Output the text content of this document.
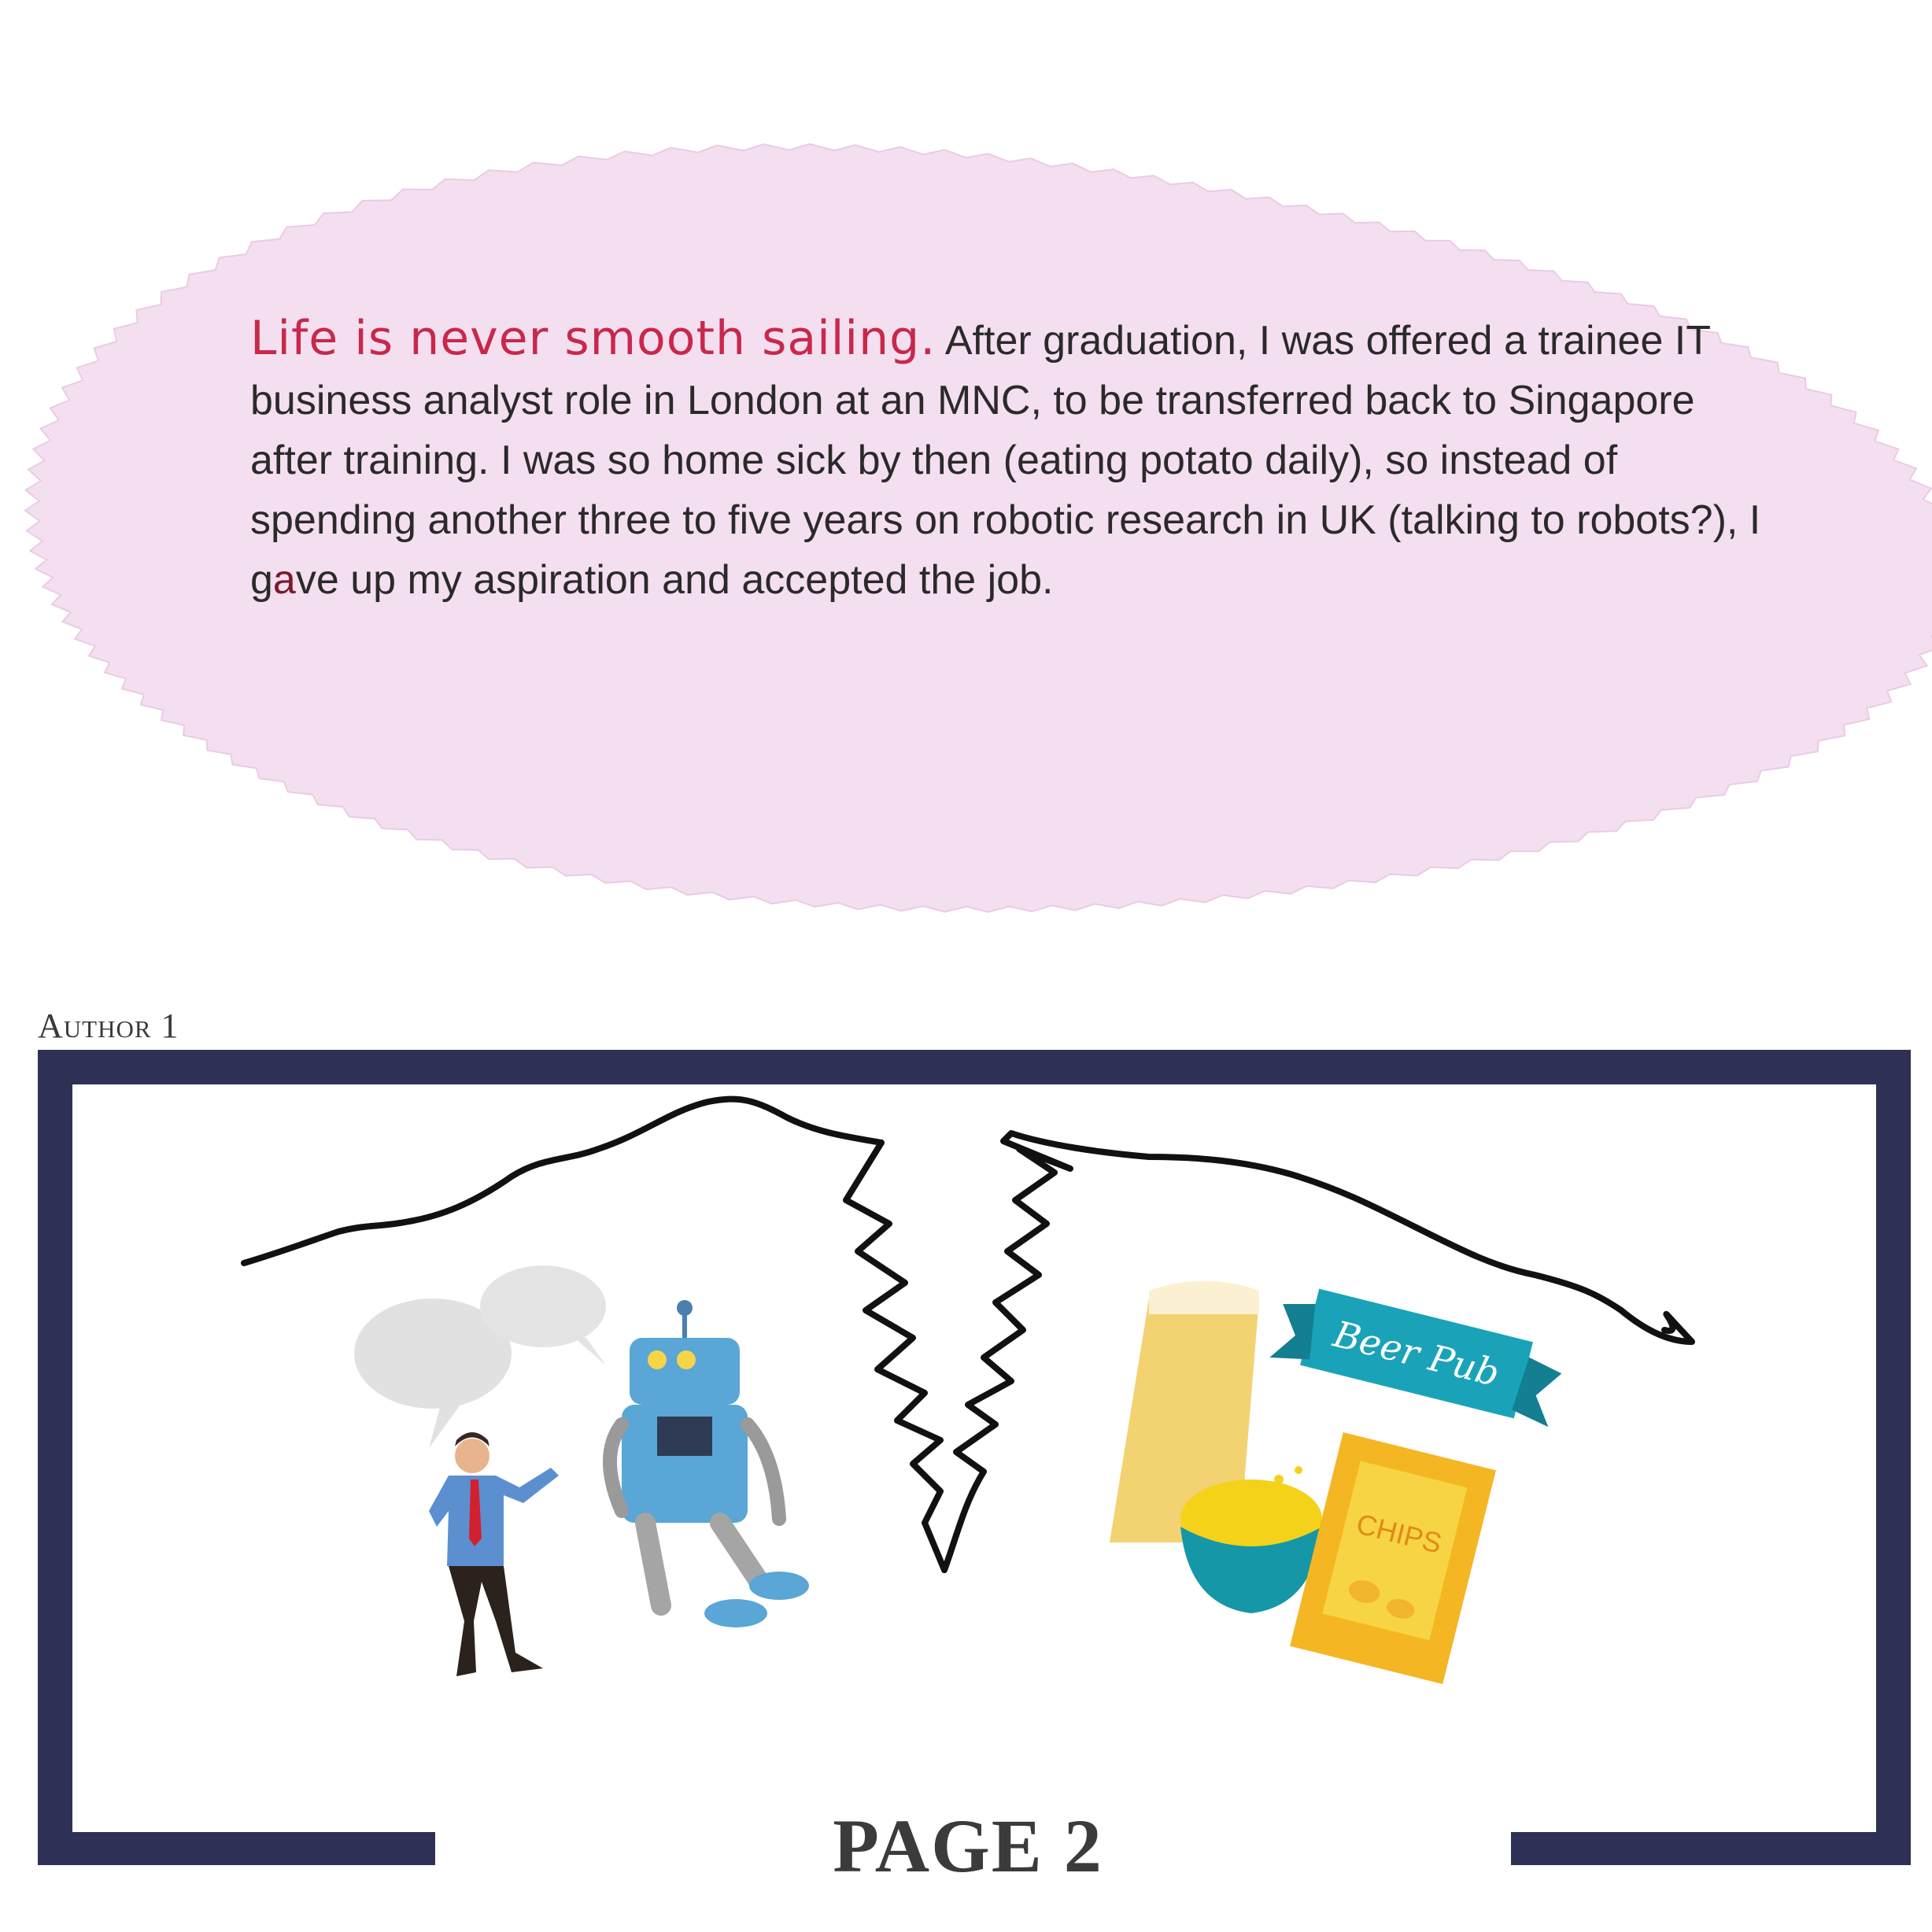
Life is never smooth sailing. After graduation, I was offered a trainee IT business analyst role in London at an MNC, to be transferred back to Singapore after training. I was so home sick by then (eating potato daily), so instead of spending another three to five years on robotic research in UK (talking to robots?), I gave up my aspiration and accepted the job.

Author 1
Beer Pub
CHIPS
PAGE 2
